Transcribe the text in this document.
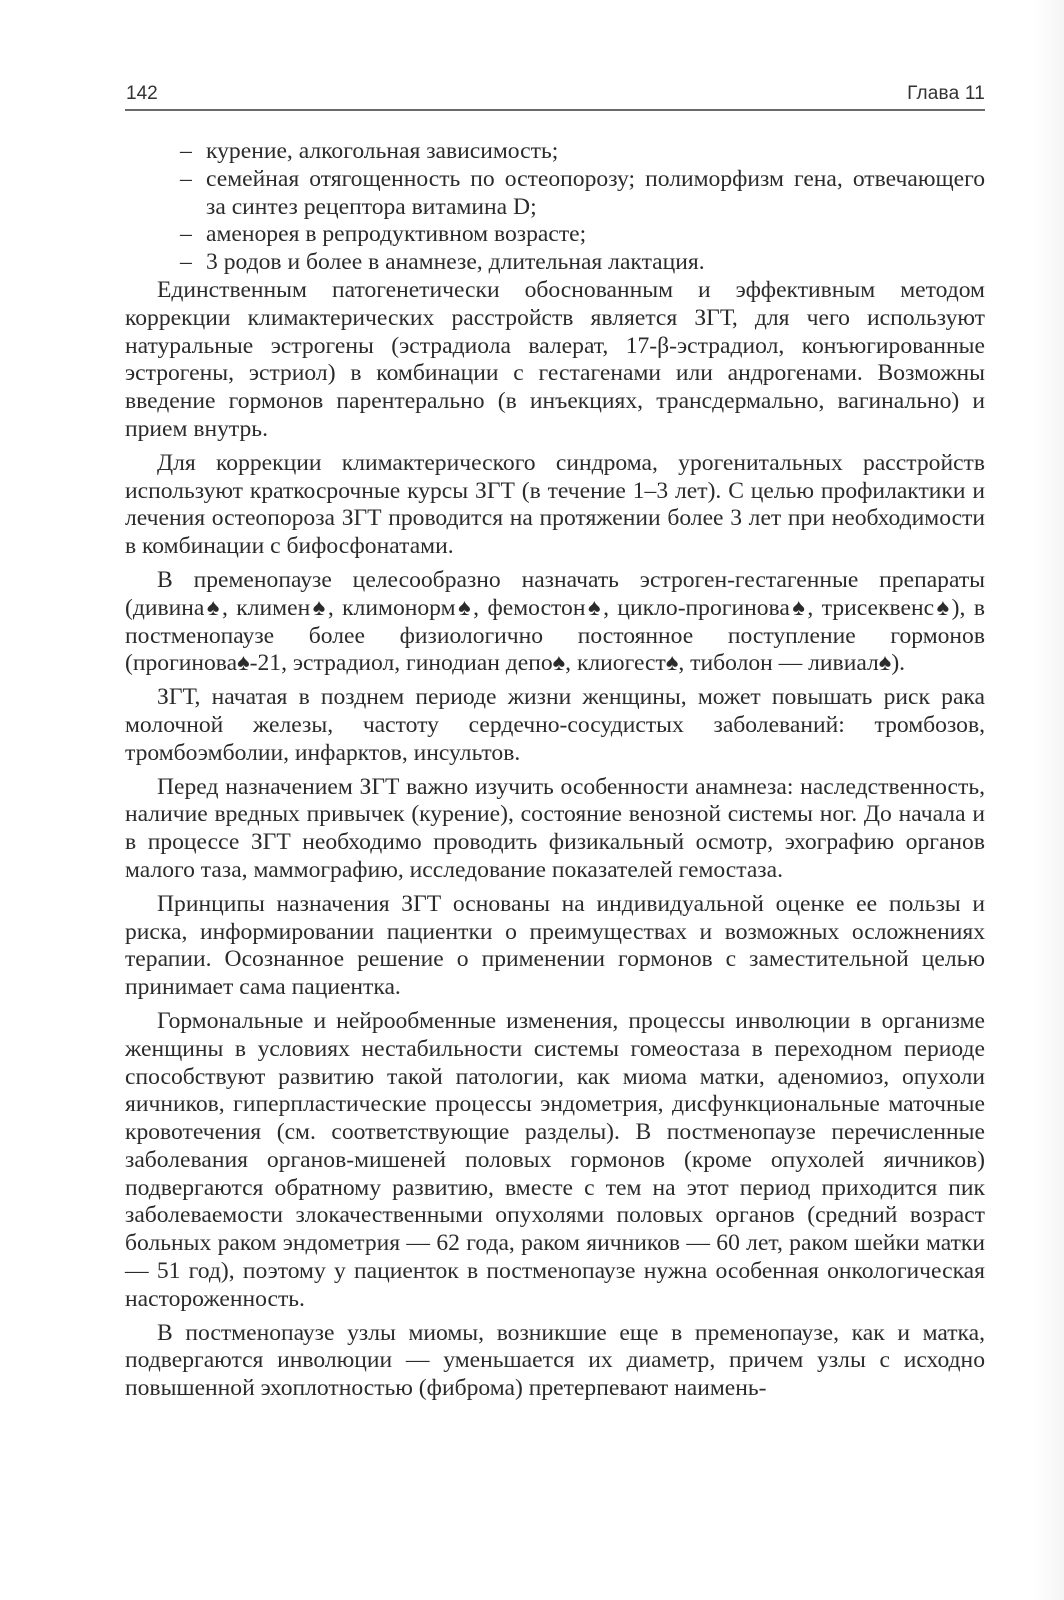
142	Глава 11
– курение, алкогольная зависимость;
– семейная отягощенность по остеопорозу; полиморфизм гена, отвечающего за синтез рецептора витамина D;
– аменорея в репродуктивном возрасте;
– 3 родов и более в анамнезе, длительная лактация.

Единственным патогенетически обоснованным и эффективным методом коррекции климактерических расстройств является ЗГТ, для чего используют натуральные эстрогены (эстрадиола валерат, 17-β-эстрадиол, конъюгированные эстрогены, эстриол) в комбинации с гестагенами или андрогенами. Возможны введение гормонов парентерально (в инъекциях, трансдермально, вагинально) и прием внутрь.

Для коррекции климактерического синдрома, урогенитальных расстройств используют краткосрочные курсы ЗГТ (в течение 1–3 лет). С целью профилактики и лечения остеопороза ЗГТ проводится на протяжении более 3 лет при необходимости в комбинации с бифосфонатами.

В пременопаузе целесообразно назначать эстроген-гестагенные препараты (дивина♠, климен♠, климонорм♠, фемостон♠, цикло-прогинова♠, трисеквенс♠), в постменопаузе более физиологично постоянное поступление гормонов (прогинова♠-21, эстрадиол, гинодиан депо♠, клиогест♠, тиболон — ливиал♠).

ЗГТ, начатая в позднем периоде жизни женщины, может повышать риск рака молочной железы, частоту сердечно-сосудистых заболеваний: тромбозов, тромбоэмболии, инфарктов, инсультов.

Перед назначением ЗГТ важно изучить особенности анамнеза: наследственность, наличие вредных привычек (курение), состояние венозной системы ног. До начала и в процессе ЗГТ необходимо проводить физикальный осмотр, эхографию органов малого таза, маммографию, исследование показателей гемостаза.

Принципы назначения ЗГТ основаны на индивидуальной оценке ее пользы и риска, информировании пациентки о преимуществах и возможных осложнениях терапии. Осознанное решение о применении гормонов с заместительной целью принимает сама пациентка.

Гормональные и нейрообменные изменения, процессы инволюции в организме женщины в условиях нестабильности системы гомеостаза в переходном периоде способствуют развитию такой патологии, как миома матки, аденомиоз, опухоли яичников, гиперпластические процессы эндометрия, дисфункциональные маточные кровотечения (см. соответствующие разделы). В постменопаузе перечисленные заболевания органов-мишеней половых гормонов (кроме опухолей яичников) подвергаются обратному развитию, вместе с тем на этот период приходится пик заболеваемости злокачественными опухолями половых органов (средний возраст больных раком эндометрия — 62 года, раком яичников — 60 лет, раком шейки матки — 51 год), поэтому у пациенток в постменопаузе нужна особенная онкологическая настороженность.

В постменопаузе узлы миомы, возникшие еще в пременопаузе, как и матка, подвергаются инволюции — уменьшается их диаметр, причем узлы с исходно повышенной эхоплотностью (фиброма) претерпевают наимень-
